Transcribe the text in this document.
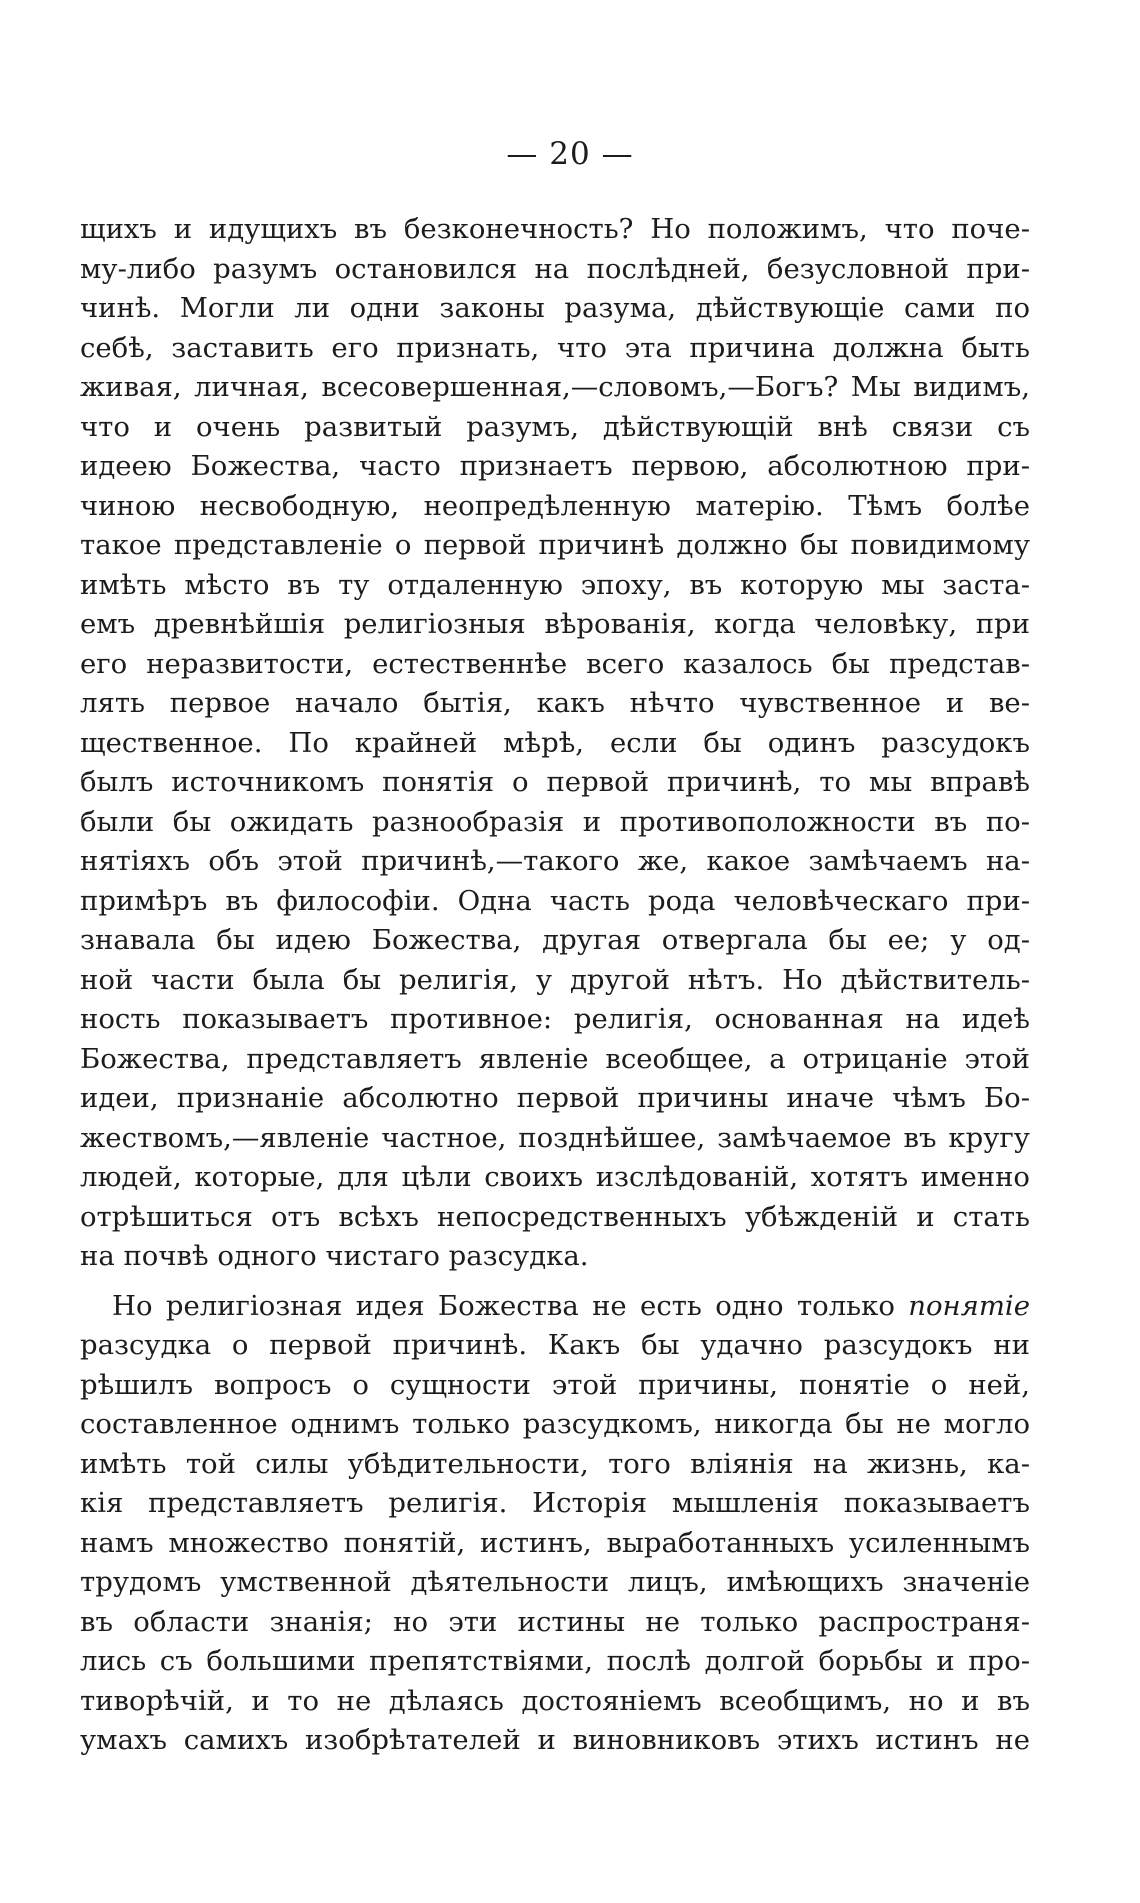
— 20 —
щихъ и идущихъ въ безконечность? Но положимъ, что поче-
му-либо разумъ остановился на послѣдней, безусловной при-
чинѣ. Могли ли одни законы разума, дѣйствующіе сами по
себѣ, заставить его признать, что эта причина должна быть
живая, личная, всесовершенная,—словомъ,—Богъ? Мы видимъ,
что и очень развитый разумъ, дѣйствующій внѣ связи съ
идеею Божества, часто признаетъ первою, абсолютною при-
чиною несвободную, неопредѣленную матерію. Тѣмъ болѣе
такое представленіе о первой причинѣ должно бы повидимому
имѣть мѣсто въ ту отдаленную эпоху, въ которую мы заста-
емъ древнѣйшія религіозныя вѣрованія, когда человѣку, при
его неразвитости, естественнѣе всего казалось бы представ-
лять первое начало бытія, какъ нѣчто чувственное и ве-
щественное. По крайней мѣрѣ, если бы одинъ разсудокъ
былъ источникомъ понятія о первой причинѣ, то мы вправѣ
были бы ожидать разнообразія и противоположности въ по-
нятіяхъ объ этой причинѣ,—такого же, какое замѣчаемъ на-
примѣръ въ философіи. Одна часть рода человѣческаго при-
знавала бы идею Божества, другая отвергала бы ее; у од-
ной части была бы религія, у другой нѣтъ. Но дѣйствитель-
ность показываетъ противное: религія, основанная на идеѣ
Божества, представляетъ явленіе всеобщее, а отрицаніе этой
идеи, признаніе абсолютно первой причины иначе чѣмъ Бо-
жествомъ,—явленіе частное, позднѣйшее, замѣчаемое въ кругу
людей, которые, для цѣли своихъ изслѣдованій, хотятъ именно
отрѣшиться отъ всѣхъ непосредственныхъ убѣжденій и стать
на почвѣ одного чистаго разсудка.
Но религіозная идея Божества не есть одно только понятіе
разсудка о первой причинѣ. Какъ бы удачно разсудокъ ни
рѣшилъ вопросъ о сущности этой причины, понятіе о ней,
составленное однимъ только разсудкомъ, никогда бы не могло
имѣть той силы убѣдительности, того вліянія на жизнь, ка-
кія представляетъ религія. Исторія мышленія показываетъ
намъ множество понятій, истинъ, выработанныхъ усиленнымъ
трудомъ умственной дѣятельности лицъ, имѣющихъ значеніе
въ области знанія; но эти истины не только распространя-
лись съ большими препятствіями, послѣ долгой борьбы и про-
тиворѣчій, и то не дѣлаясь достояніемъ всеобщимъ, но и въ
умахъ самихъ изобрѣтателей и виновниковъ этихъ истинъ не
